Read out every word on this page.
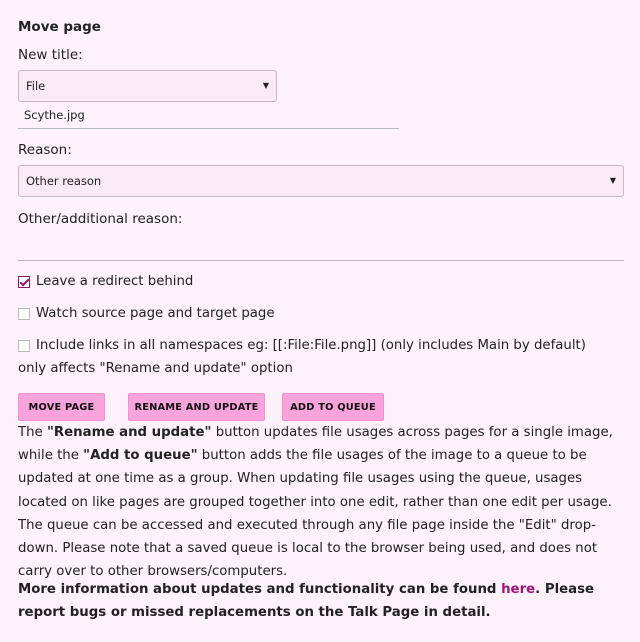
Move page
New title:
File	▼
Scythe.jpg
Reason:
Other reason	▼
Other/additional reason:
Leave a redirect behind
Watch source page and target page
Include links in all namespaces eg: [[:File:File.png]] (only includes Main by default)
only affects "Rename and update" option
MOVE PAGE	RENAME AND UPDATE	ADD TO QUEUE
The "Rename and update" button updates file usages across pages for a single image, while the "Add to queue" button adds the file usages of the image to a queue to be updated at one time as a group. When updating file usages using the queue, usages located on like pages are grouped together into one edit, rather than one edit per usage. The queue can be accessed and executed through any file page inside the "Edit" drop-down. Please note that a saved queue is local to the browser being used, and does not carry over to other browsers/computers.
More information about updates and functionality can be found here. Please report bugs or missed replacements on the Talk Page in detail.
